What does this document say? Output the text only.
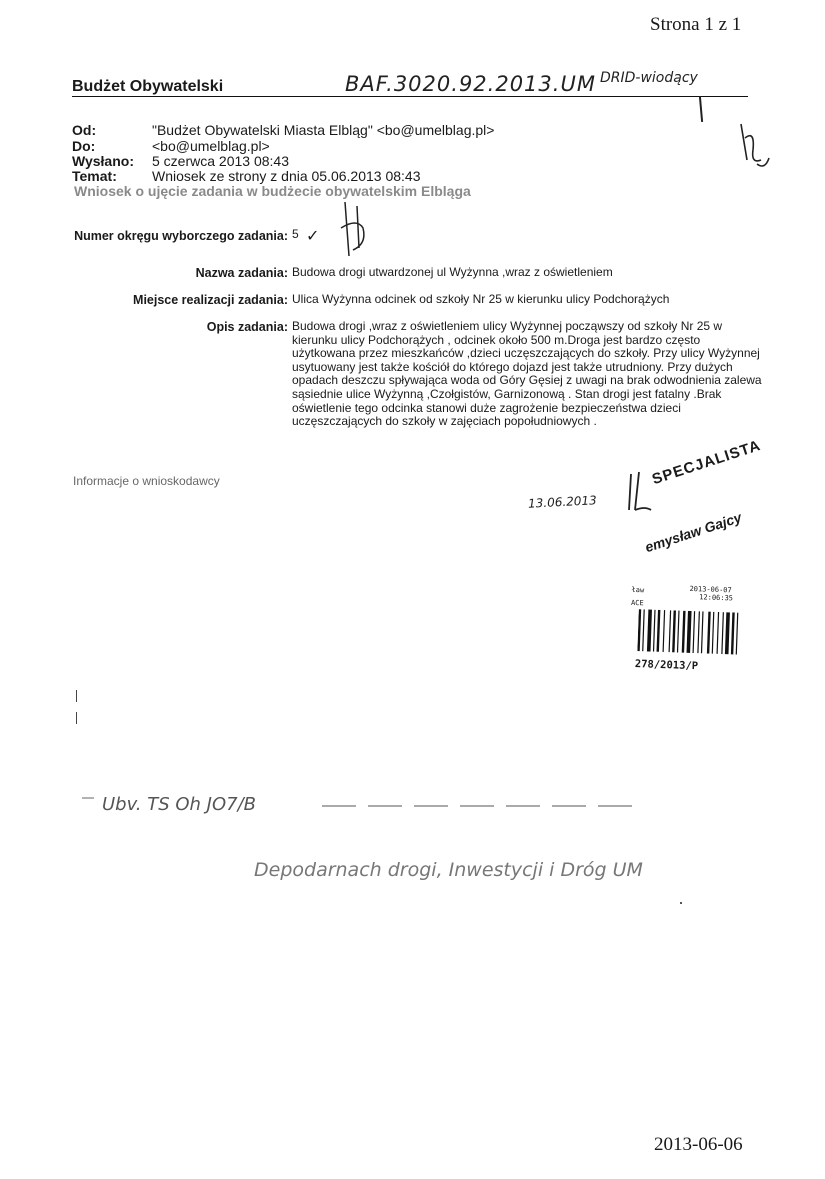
Strona 1 z 1
2013-06-06
Budżet Obywatelski	BAF.3020.92.2013.UM DRID-wiodący
Od:	"Budżet Obywatelski Miasta Elbląg" <bo@umelblag.pl>
Do:	<bo@umelblag.pl>
Wysłano: 5 czerwca 2013 08:43
Temat:	Wniosek ze strony z dnia 05.06.2013 08:43
Wniosek o ujęcie zadania w budżecie obywatelskim Elbląga
Numer okręgu wyborczego zadania: 5 ✓
Nazwa zadania: Budowa drogi utwardzonej ul Wyżynna ,wraz z oświetleniem
Miejsce realizacji zadania: Ulica Wyżynna odcinek od szkoły Nr 25 w kierunku ulicy Podchorążych
Opis zadania: Budowa drogi ,wraz z oświetleniem ulicy Wyżynnej począwszy od szkoły Nr 25 w kierunku ulicy Podchorążych , odcinek około 500 m.Droga jest bardzo często użytkowana przez mieszkańców ,dzieci uczęszczających do szkoły. Przy ulicy Wyżynnej usytuowany jest także kościół do którego dojazd jest także utrudniony. Przy dużych opadach deszczu spływająca woda od Góry Gęsiej z uwagi na brak odwodnienia zalewa sąsiednie ulice Wyżynną ,Czołgistów, Garnizonową . Stan drogi jest fatalny .Brak oświetlenie tego odcinka stanowi duże zagrożenie bezpieczeństwa dzieci uczęszczających do szkoły w zajęciach popołudniowych .
Informacje o wnioskodawcy
13.06.2013
SPECJALISTA
emysław Gajcy
ław	2013-06-07
12:06:35
ACE
278/2013/P
Ubv. TS Oh JO7/B
Depodarnach drogi, Inwestycji i Dróg UM
